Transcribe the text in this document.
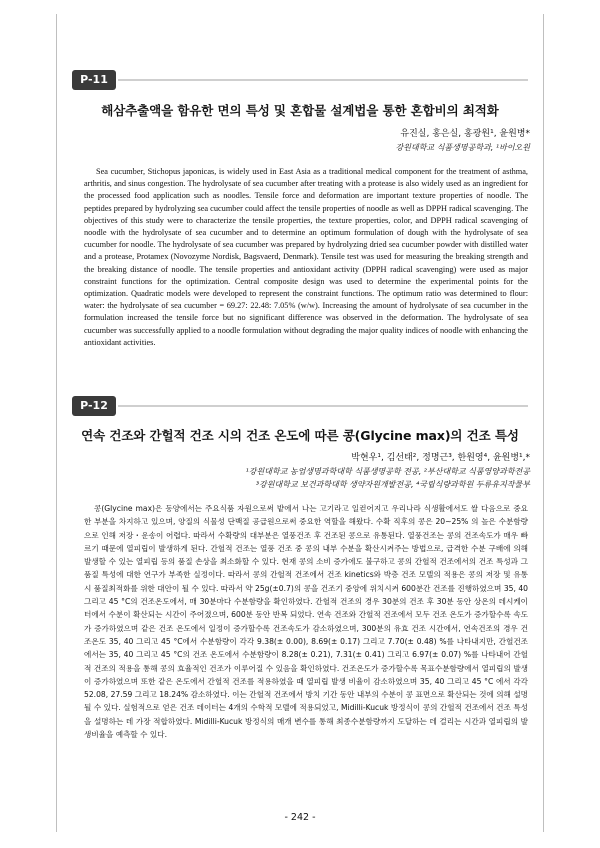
P-11
해삼추출액을 함유한 면의 특성 및 혼합물 설계법을 통한 혼합비의 최적화
유진실, 홍은실, 홍광원¹, 윤원병*
강원대학교 식품생명공학과, ¹바이오원

Sea cucumber, Stichopus japonicas, is widely used in East Asia as a traditional medical component for the treatment of asthma, arthritis, and sinus congestion. The hydrolysate of sea cucumber after treating with a protease is also widely used as an ingredient for the processed food application such as noodles. Tensile force and deformation are important texture properties of noodle. The peptides prepared by hydrolyzing sea cucumber could affect the tensile properties of noodle as well as DPPH radical scavenging. The objectives of this study were to characterize the tensile properties, the texture properties, color, and DPPH radical scavenging of noodle with the hydrolysate of sea cucumber and to determine an optimum formulation of dough with the hydrolysate of sea cucumber for noodle. The hydrolysate of sea cucumber was prepared by hydrolyzing dried sea cucumber powder with distilled water and a protease, Protamex (Novozyme Nordisk, Bagsvaerd, Denmark). Tensile test was used for measuring the breaking strength and the breaking distance of noodle. The tensile properties and antioxidant activity (DPPH radical scavenging) were used as major constraint functions for the optimization. Central composite design was used to determine the experimental points for the optimization. Quadratic models were developed to represent the constraint functions. The optimum ratio was determined to flour: water: the hydrolysate of sea cucumber = 69.27: 22.48: 7.05% (w/w). Increasing the amount of hydrolysate of sea cucumber in the formulation increased the tensile force but no significant difference was observed in the deformation. The hydrolysate of sea cucumber was successfully applied to a noodle formulation without degrading the major quality indices of noodle with enhancing the antioxidant activities.

P-12
연속 건조와 간헐적 건조 시의 건조 온도에 따른 콩(Glycine max)의 건조 특성
박현우¹, 김선태², 정명근³, 한원영⁴, 윤원병¹,*
¹강원대학교 농업생명과학대학 식품생명공학 전공, ²부산대학교 식품영양과학전공
³강원대학교 보건과학대학 생약자원개발전공, ⁴국립식량과학원 두류유지작물부

콩(Glycine max)은 동양에서는 주요식품 자원으로써 밭에서 나는 고기라고 일컫어지고 우리나라 식생활에서도 쌀 다음으로 중요한 부분을 차지하고 있으며, 양질의 식물성 단백질 공급원으로써 중요한 역할을 해왔다. 수확 직후의 콩은 20~25% 의 높은 수분함량으로 인해 저장・운송이 어렵다. 따라서 수확량의 대부분은 열풍건조 후 건조된 콩으로 유통된다. 열풍건조는 콩의 건조속도가 매우 빠르기 때문에 열피립이 발생하게 된다. 간헐적 건조는 열풍 건조 중 콩의 내부 수분을 확산시켜주는 방법으로, 급격한 수분 구배에 의해 발생할 수 있는 열피립 등의 품질 손상을 최소화할 수 있다. 현재 콩의 소비 증가에도 불구하고 콩의 간헐적 건조에서의 건조 특성과 그 품질 특성에 대한 연구가 부족한 실정이다. 따라서 콩의 간헐적 건조에서 건조 kinetics와 박층 건조 모델의 적용은 콩의 저장 및 유통 시 품질최적화를 위한 대안이 될 수 있다. 따라서 약 25g(±0.7)의 콩을 건조기 중앙에 위치시켜 600분간 건조를 진행하였으며 35, 40 그리고 45 °C의 건조온도에서, 매 30분마다 수분함량을 확인하였다. 간헐적 건조의 경우 30분의 건조 후 30분 동안 상온의 데시케이터에서 수분이 확산되는 시간이 주어졌으며, 600분 동안 반복 되었다. 연속 건조와 간헐적 건조에서 모두 건조 온도가 증가할수록 속도가 증가하였으며 같은 건조 온도에서 일정이 증가할수록 건조속도가 감소하였으며, 300분의 유효 건조 시간에서, 연속건조의 경우 건조온도 35, 40 그리고 45 °C에서 수분함량이 각각 9.38(± 0.00), 8.69(± 0.17) 그리고 7.70(± 0.48) %를 나타내지만, 간헐건조에서는 35, 40 그리고 45 °C의 건조 온도에서 수분함량이 8.28(± 0.21), 7.31(± 0.41) 그리고 6.97(± 0.07) %를 나타내어 간헐적 건조의 적용을 통해 콩의 효율적인 건조가 이루어질 수 있음을 확인하였다. 건조온도가 증가할수록 목표수분함량에서 열피립의 발생이 증가하였으며 또한 같은 온도에서 간헐적 건조를 적용하였을 때 열피립 발생 비율이 감소하였으며 35, 40 그리고 45 °C 에서 각각 52.08, 27.59 그리고 18.24% 감소하였다. 이는 간헐적 건조에서 방치 기간 동안 내부의 수분이 콩 표면으로 확산되는 것에 의해 설명될 수 있다. 실험적으로 얻은 건조 데이터는 4개의 수학적 모델에 적용되었고, Midilli-Kucuk 방정식이 콩의 간헐적 건조에서 건조 특성을 설명하는 데 가장 적합하였다. Midilli-Kucuk 방정식의 매개 변수를 통해 최종수분함량까지 도달하는 데 걸리는 시간과 열피립의 발생비율을 예측할 수 있다.

- 242 -
